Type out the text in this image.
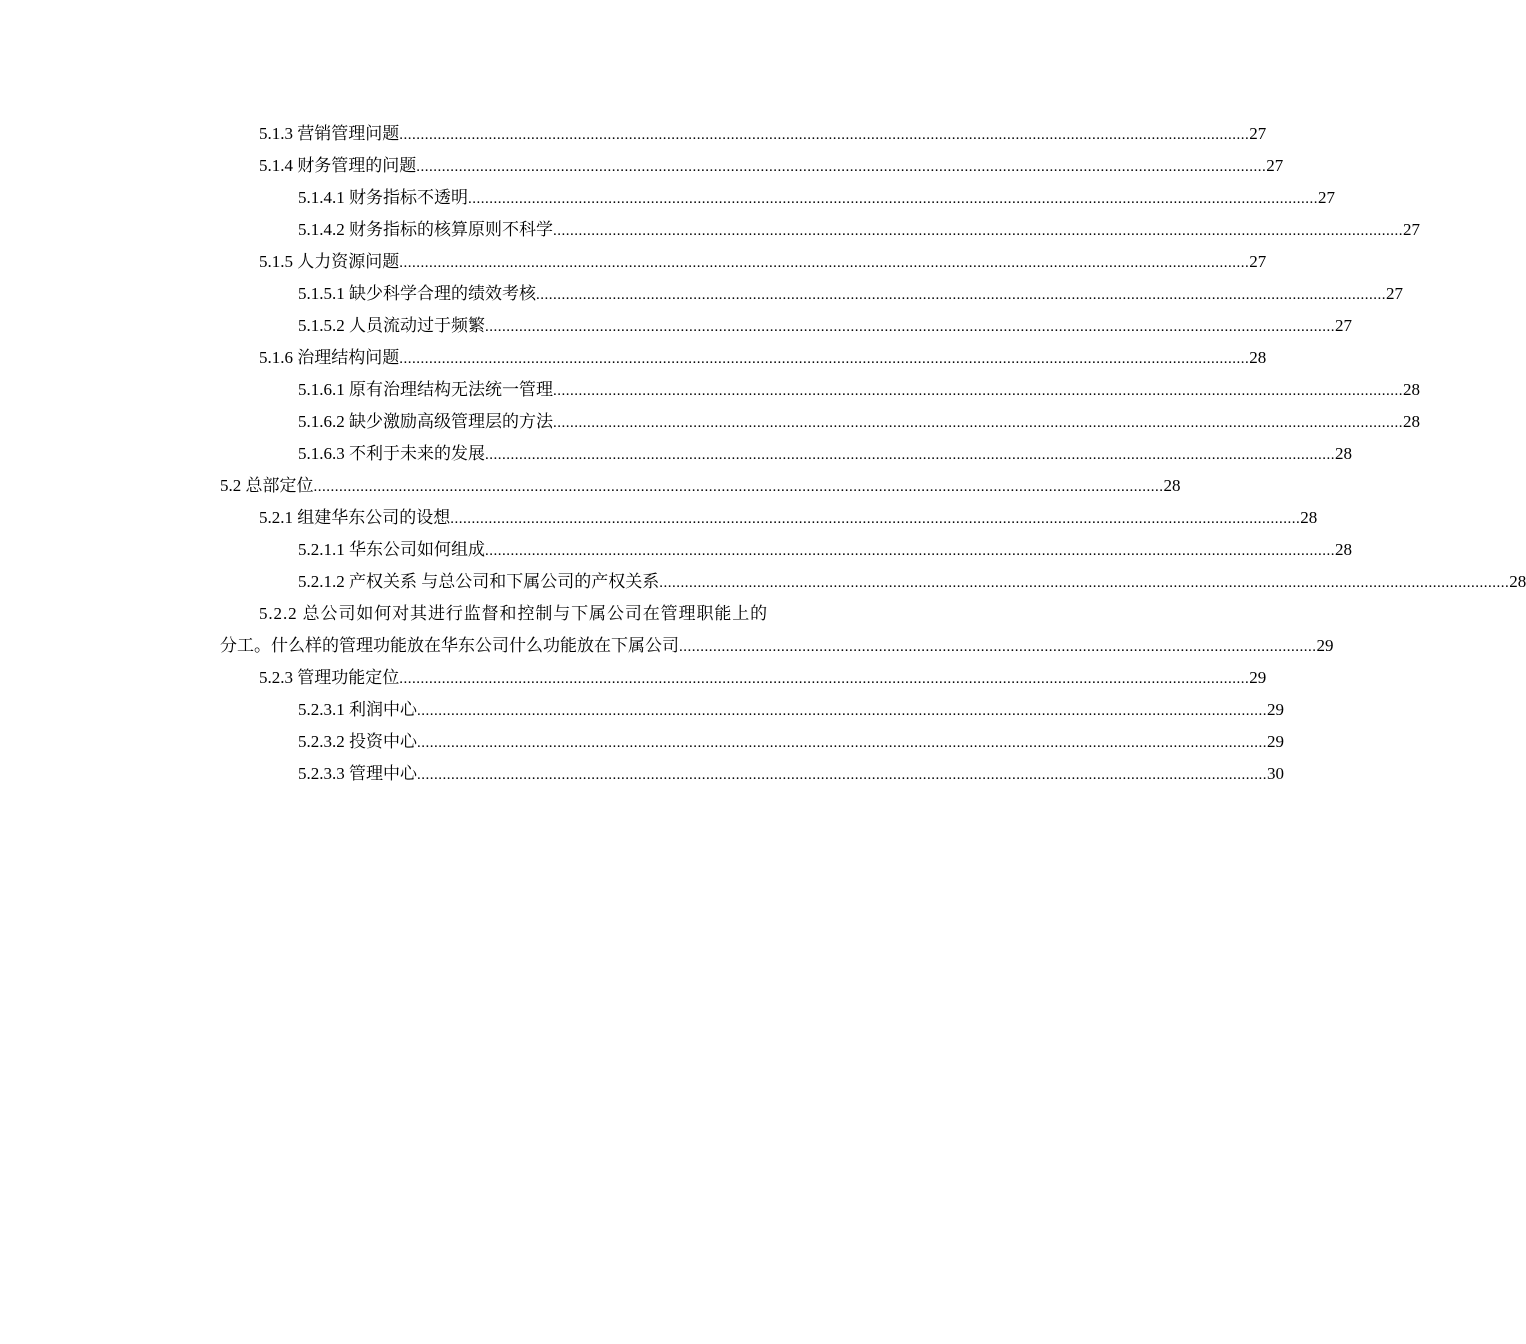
5.1.3 营销管理问题 ........................................................................................................................................................................................................ 27
5.1.4 财务管理的问题 ........................................................................................................................................................................................................ 27
5.1.4.1 财务指标不透明 ........................................................................................................................................................................................................ 27
5.1.4.2 财务指标的核算原则不科学 ........................................................................................................................................................................................................ 27
5.1.5 人力资源问题 ........................................................................................................................................................................................................ 27
5.1.5.1 缺少科学合理的绩效考核 ........................................................................................................................................................................................................ 27
5.1.5.2 人员流动过于频繁 ........................................................................................................................................................................................................ 27
5.1.6 治理结构问题 ........................................................................................................................................................................................................ 28
5.1.6.1 原有治理结构无法统一管理 ........................................................................................................................................................................................................ 28
5.1.6.2 缺少激励高级管理层的方法 ........................................................................................................................................................................................................ 28
5.1.6.3 不利于未来的发展 ........................................................................................................................................................................................................ 28
5.2 总部定位 ........................................................................................................................................................................................................ 28
5.2.1 组建华东公司的设想 ........................................................................................................................................................................................................ 28
5.2.1.1 华东公司如何组成 ........................................................................................................................................................................................................ 28
5.2.1.2 产权关系 与总公司和下属公司的产权关系 ........................................................................................................................................................................................................ 28
5.2.2 总公司如何对其进行监督和控制与下属公司在管理职能上的
分工。什么样的管理功能放在华东公司什么功能放在下属公司 ...................................................................................................................................................... 29
5.2.3 管理功能定位 ........................................................................................................................................................................................................ 29
5.2.3.1 利润中心 ........................................................................................................................................................................................................ 29
5.2.3.2 投资中心 ........................................................................................................................................................................................................ 29
5.2.3.3 管理中心 ........................................................................................................................................................................................................ 30
